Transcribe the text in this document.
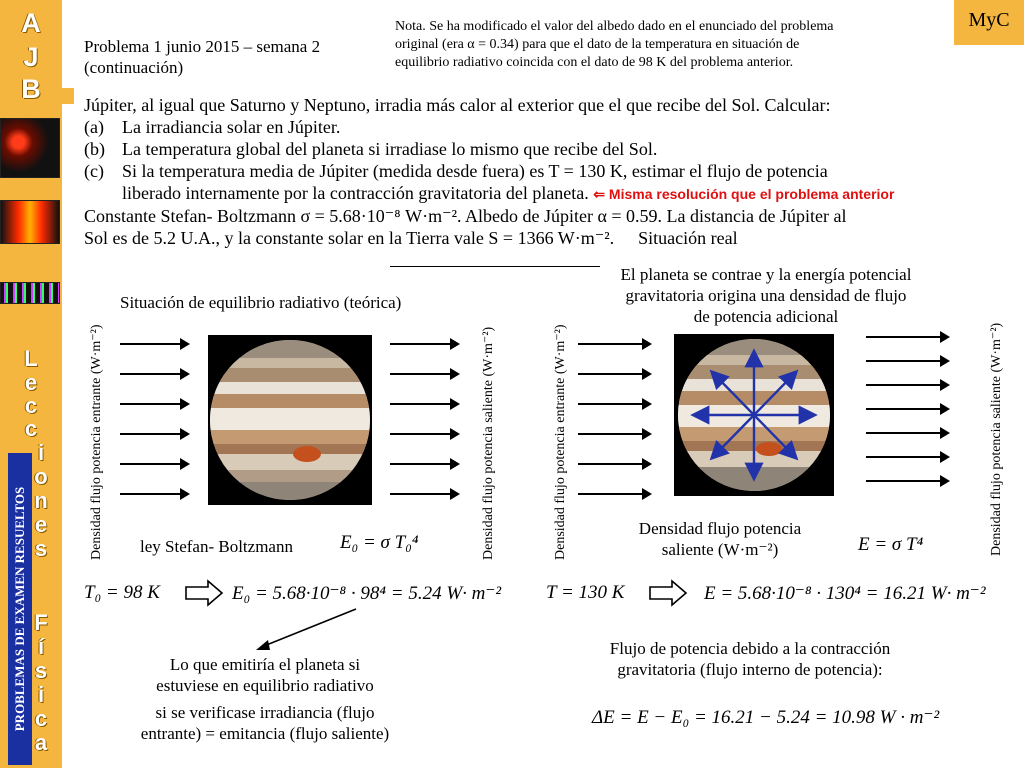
A
J
B
L
e
c
c
i
o
n
e
s
F
í
s
i
c
a
PROBLEMAS DE EXAMEN RESUELTOS
MyC
Problema 1 junio 2015 – semana 2
(continuación)
Nota. Se ha modificado el valor del albedo dado en el enunciado del problema
original (era α = 0.34) para que el dato de la temperatura en situación de
equilibrio radiativo coincida con el dato de 98 K del problema anterior.
Júpiter, al igual que Saturno y Neptuno, irradia más calor al exterior que el que recibe del Sol. Calcular:
(a)	La irradiancia solar en Júpiter.
(b) La temperatura global del planeta si irradiase lo mismo que recibe del Sol.
(c)	Si la temperatura media de Júpiter (medida desde fuera) es T = 130 K, estimar el flujo de potencia
liberado internamente por la contracción gravitatoria del planeta. ⇐ Misma resolución que el problema anterior
Constante Stefan- Boltzmann σ = 5.68·10⁻⁸ W·m⁻². Albedo de Júpiter α = 0.59. La distancia de Júpiter al
Sol es de 5.2 U.A., y la constante solar en la Tierra vale S = 1366 W·m⁻². Situación real
Situación de equilibrio radiativo (teórica)
Densidad flujo potencia entrante (W·m⁻²)	Densidad flujo potencia saliente (W·m⁻²)
ley Stefan- Boltzmann E₀ = σ T₀⁴
T₀ = 98 K	E₀ = 5.68·10⁻⁸ · 98⁴ = 5.24 W· m⁻²
Lo que emitiría el planeta si
estuviese en equilibrio radiativo
si se verificase irradiancia (flujo
entrante) = emitancia (flujo saliente)
El planeta se contrae y la energía potencial
gravitatoria origina una densidad de flujo
de potencia adicional
Densidad flujo potencia entrante (W·m⁻²)	Densidad flujo potencia saliente (W·m⁻²)
Densidad flujo potencia
saliente (W·m⁻²)	E = σ T⁴
T = 130 K	E = 5.68·10⁻⁸ · 130⁴ = 16.21 W· m⁻²
Flujo de potencia debido a la contracción
gravitatoria (flujo interno de potencia):
ΔE = E − E₀ = 16.21 − 5.24 = 10.98 W · m⁻²
